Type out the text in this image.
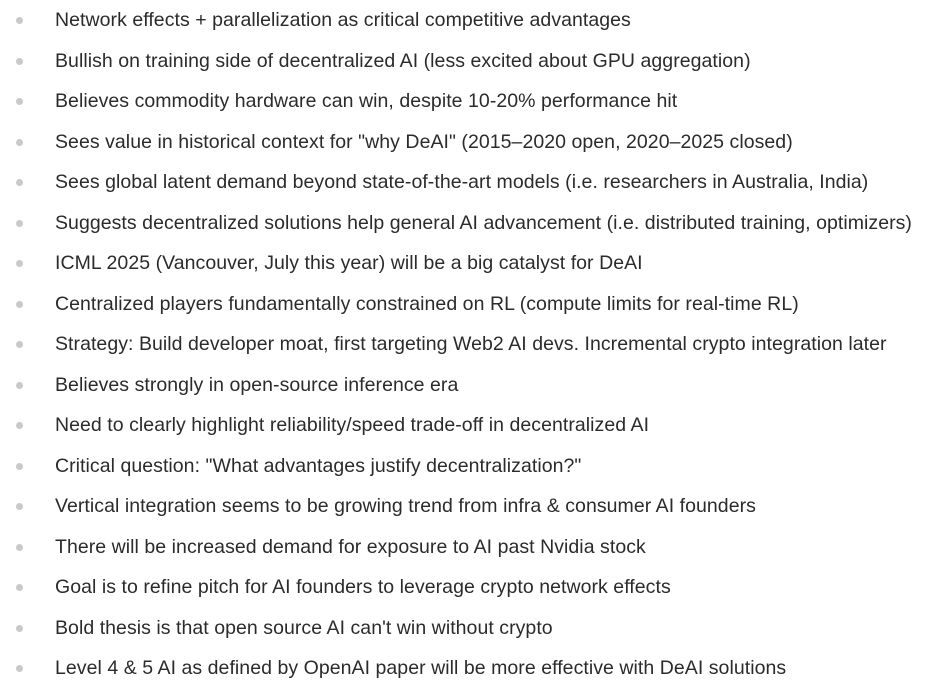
Network effects + parallelization as critical competitive advantages
Bullish on training side of decentralized AI (less excited about GPU aggregation)
Believes commodity hardware can win, despite 10-20% performance hit
Sees value in historical context for "why DeAI" (2015–2020 open, 2020–2025 closed)
Sees global latent demand beyond state-of-the-art models (i.e. researchers in Australia, India)
Suggests decentralized solutions help general AI advancement (i.e. distributed training, optimizers)
ICML 2025 (Vancouver, July this year) will be a big catalyst for DeAI
Centralized players fundamentally constrained on RL (compute limits for real-time RL)
Strategy: Build developer moat, first targeting Web2 AI devs. Incremental crypto integration later
Believes strongly in open-source inference era
Need to clearly highlight reliability/speed trade-off in decentralized AI
Critical question: "What advantages justify decentralization?"
Vertical integration seems to be growing trend from infra & consumer AI founders
There will be increased demand for exposure to AI past Nvidia stock
Goal is to refine pitch for AI founders to leverage crypto network effects
Bold thesis is that open source AI can't win without crypto
Level 4 & 5 AI as defined by OpenAI paper will be more effective with DeAI solutions
